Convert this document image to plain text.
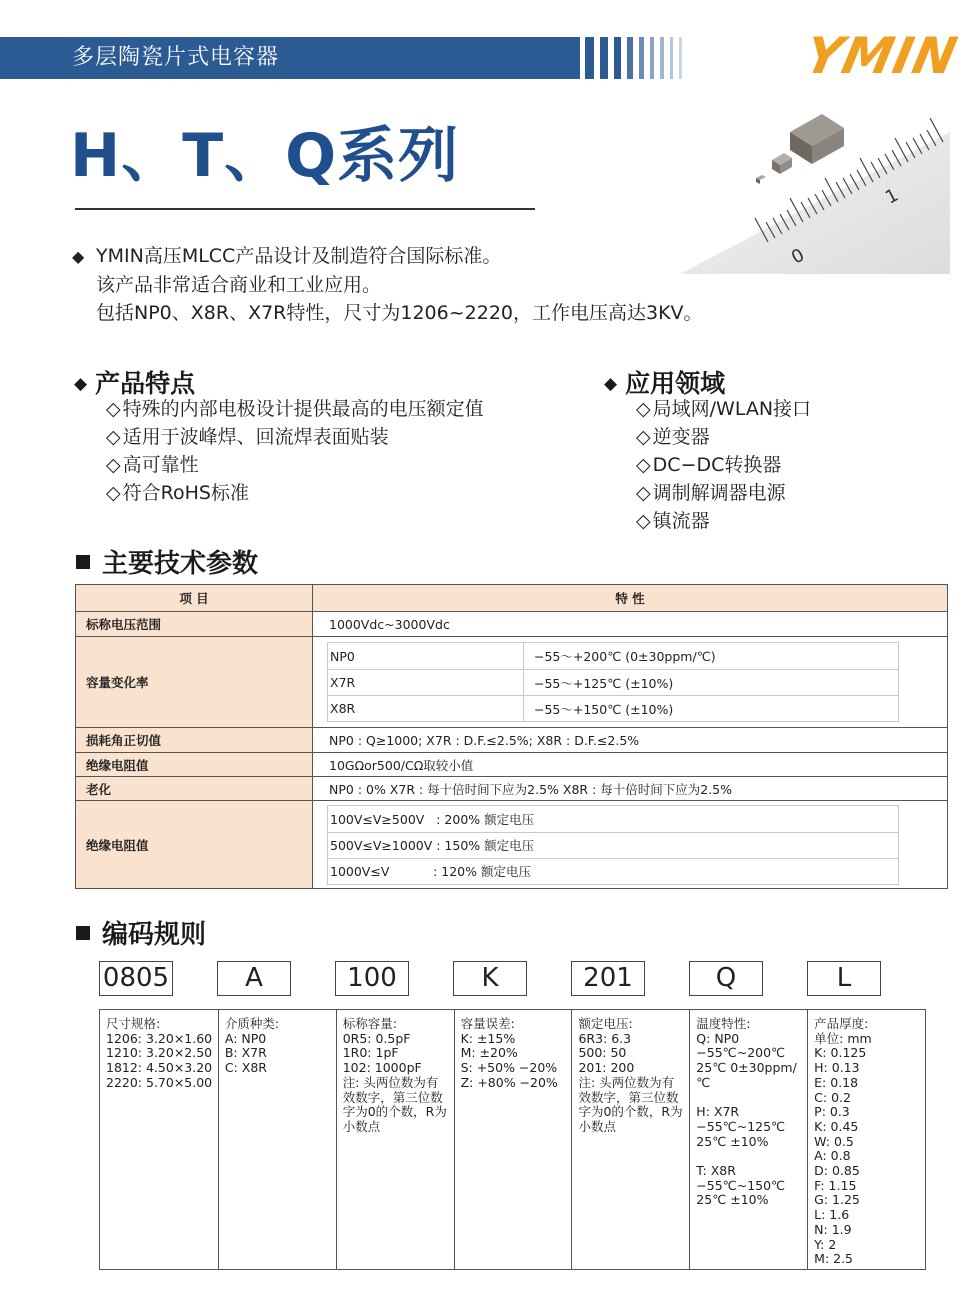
多层陶瓷片式电容器	YMIN
H、T、Q系列
0
1
◆ YMIN高压MLCC产品设计及制造符合国际标准。
该产品非常适合商业和工业应用。
包括NP0、X8R、X7R特性，尺寸为1206~2220，工作电压高达3KV。
◆ 产品特点
◇ 特殊的内部电极设计提供最高的电压额定值
◇ 适用于波峰焊、回流焊表面贴装
◇ 高可靠性
◇ 符合RoHS标准
◆ 应用领域
◇ 局域网/WLAN接口
◇ 逆变器
◇ DC−DC转换器
◇ 调制解调器电源
◇ 镇流器
主要技术参数
项 目	特 性
标称电压范围	1000Vdc~3000Vdc
容量变化率
NP0	−55～+200℃ (0±30ppm/℃)
X7R	−55～+125℃ (±10%)
X8R	−55～+150℃ (±10%)
损耗角正切值	NP0 : Q≥1000; X7R : D.F.≤2.5%; X8R : D.F.≤2.5%
绝缘电阻值	10GΩor500/CΩ取较小值
老化	NP0 : 0% X7R : 每十倍时间下应为2.5% X8R : 每十倍时间下应为2.5%
绝缘电阻值
100V≤V≥500V   : 200% 额定电压
500V≤V≥1000V : 150% 额定电压
1000V≤V           : 120% 额定电压
编码规则
0805	A	100	K	201	Q	L
尺寸规格:
1206: 3.20×1.60
1210: 3.20×2.50
1812: 4.50×3.20
2220: 5.70×5.00
介质种类:
A: NP0
B: X7R
C: X8R
标称容量:
0R5: 0.5pF
1R0: 1pF
102: 1000pF
注: 头两位数为有效数字，第三位数字为0的个数，R为小数点
容量误差:
K: ±15%
M: ±20%
S: +50% −20%
Z: +80% −20%
额定电压:
6R3: 6.3
500: 50
201: 200
注: 头两位数为有效数字，第三位数字为0的个数，R为小数点
温度特性:
Q: NP0
−55℃~200℃
25℃ 0±30ppm/℃

H: X7R
−55℃~125℃
25℃ ±10%

T: X8R
−55℃~150℃
25℃ ±10%
产品厚度:
单位: mm
K: 0.125
H: 0.13
E: 0.18
C: 0.2
P: 0.3
K: 0.45
W: 0.5
A: 0.8
D: 0.85
F: 1.15
G: 1.25
L: 1.6
N: 1.9
Y: 2
M: 2.5
